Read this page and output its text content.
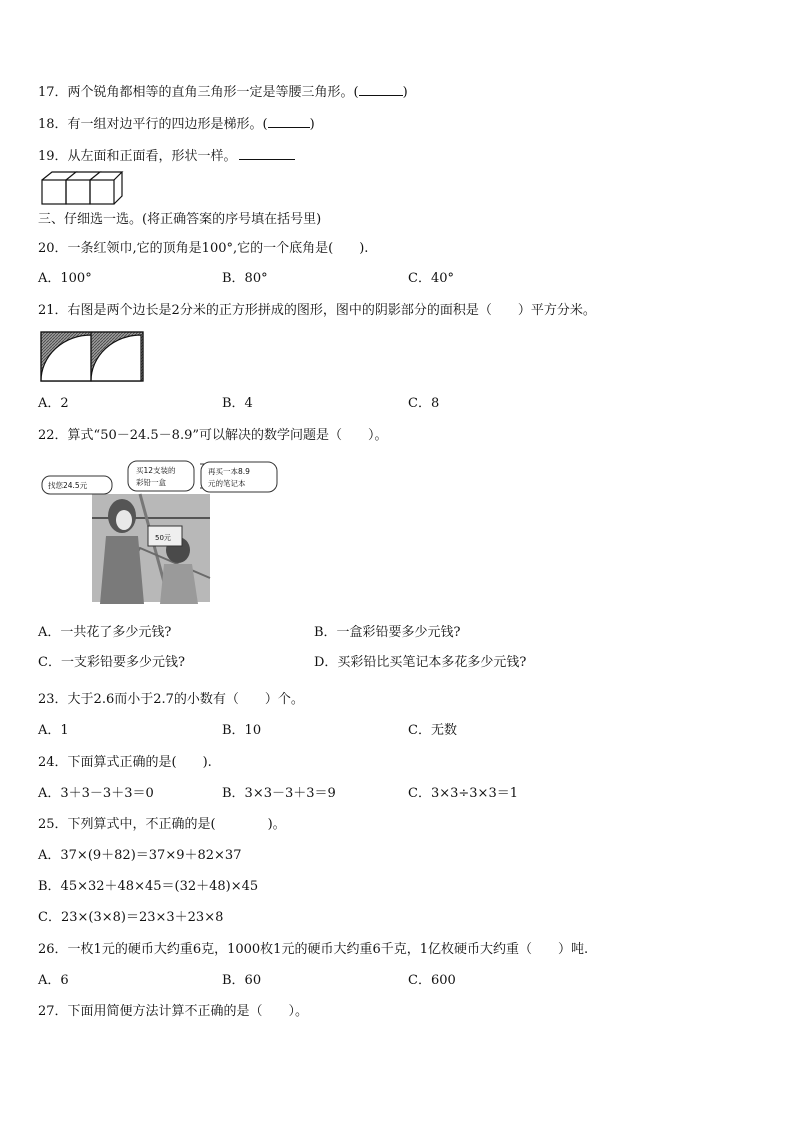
17．两个锐角都相等的直角三角形一定是等腰三角形。(	)
18．有一组对边平行的四边形是梯形。(	)
19．从左面和正面看，形状一样。
三、仔细选一选。(将正确答案的序号填在括号里)
20．一条红领巾,它的顶角是100°,它的一个底角是(　　).
A．100°	B．80°	C．40°
21．右图是两个边长是2分米的正方形拼成的图形，图中的阴影部分的面积是（　　）平方分米。
A．2	B．4	C．8
22．算式“50－24.5－8.9”可以解决的数学问题是（　　）。
50元
找您24.5元
买12支装的
彩铅一盒
再买一本8.9
元的笔记本
A．一共花了多少元钱?	B．一盒彩铅要多少元钱?
C．一支彩铅要多少元钱?	D．买彩铅比买笔记本多花多少元钱?
23．大于2.6而小于2.7的小数有（　　）个。
A．1	B．10	C．无数
24．下面算式正确的是(　　).
A．3＋3－3＋3＝0	B．3×3－3＋3＝9	C．3×3÷3×3＝1
25．下列算式中，不正确的是(　　　　)。
A．37×(9＋82)＝37×9＋82×37
B．45×32＋48×45＝(32＋48)×45
C．23×(3×8)＝23×3＋23×8
26．一枚1元的硬币大约重6克，1000枚1元的硬币大约重6千克，1亿枚硬币大约重（　　）吨.
A．6	B．60	C．600
27．下面用简便方法计算不正确的是（　　）。
